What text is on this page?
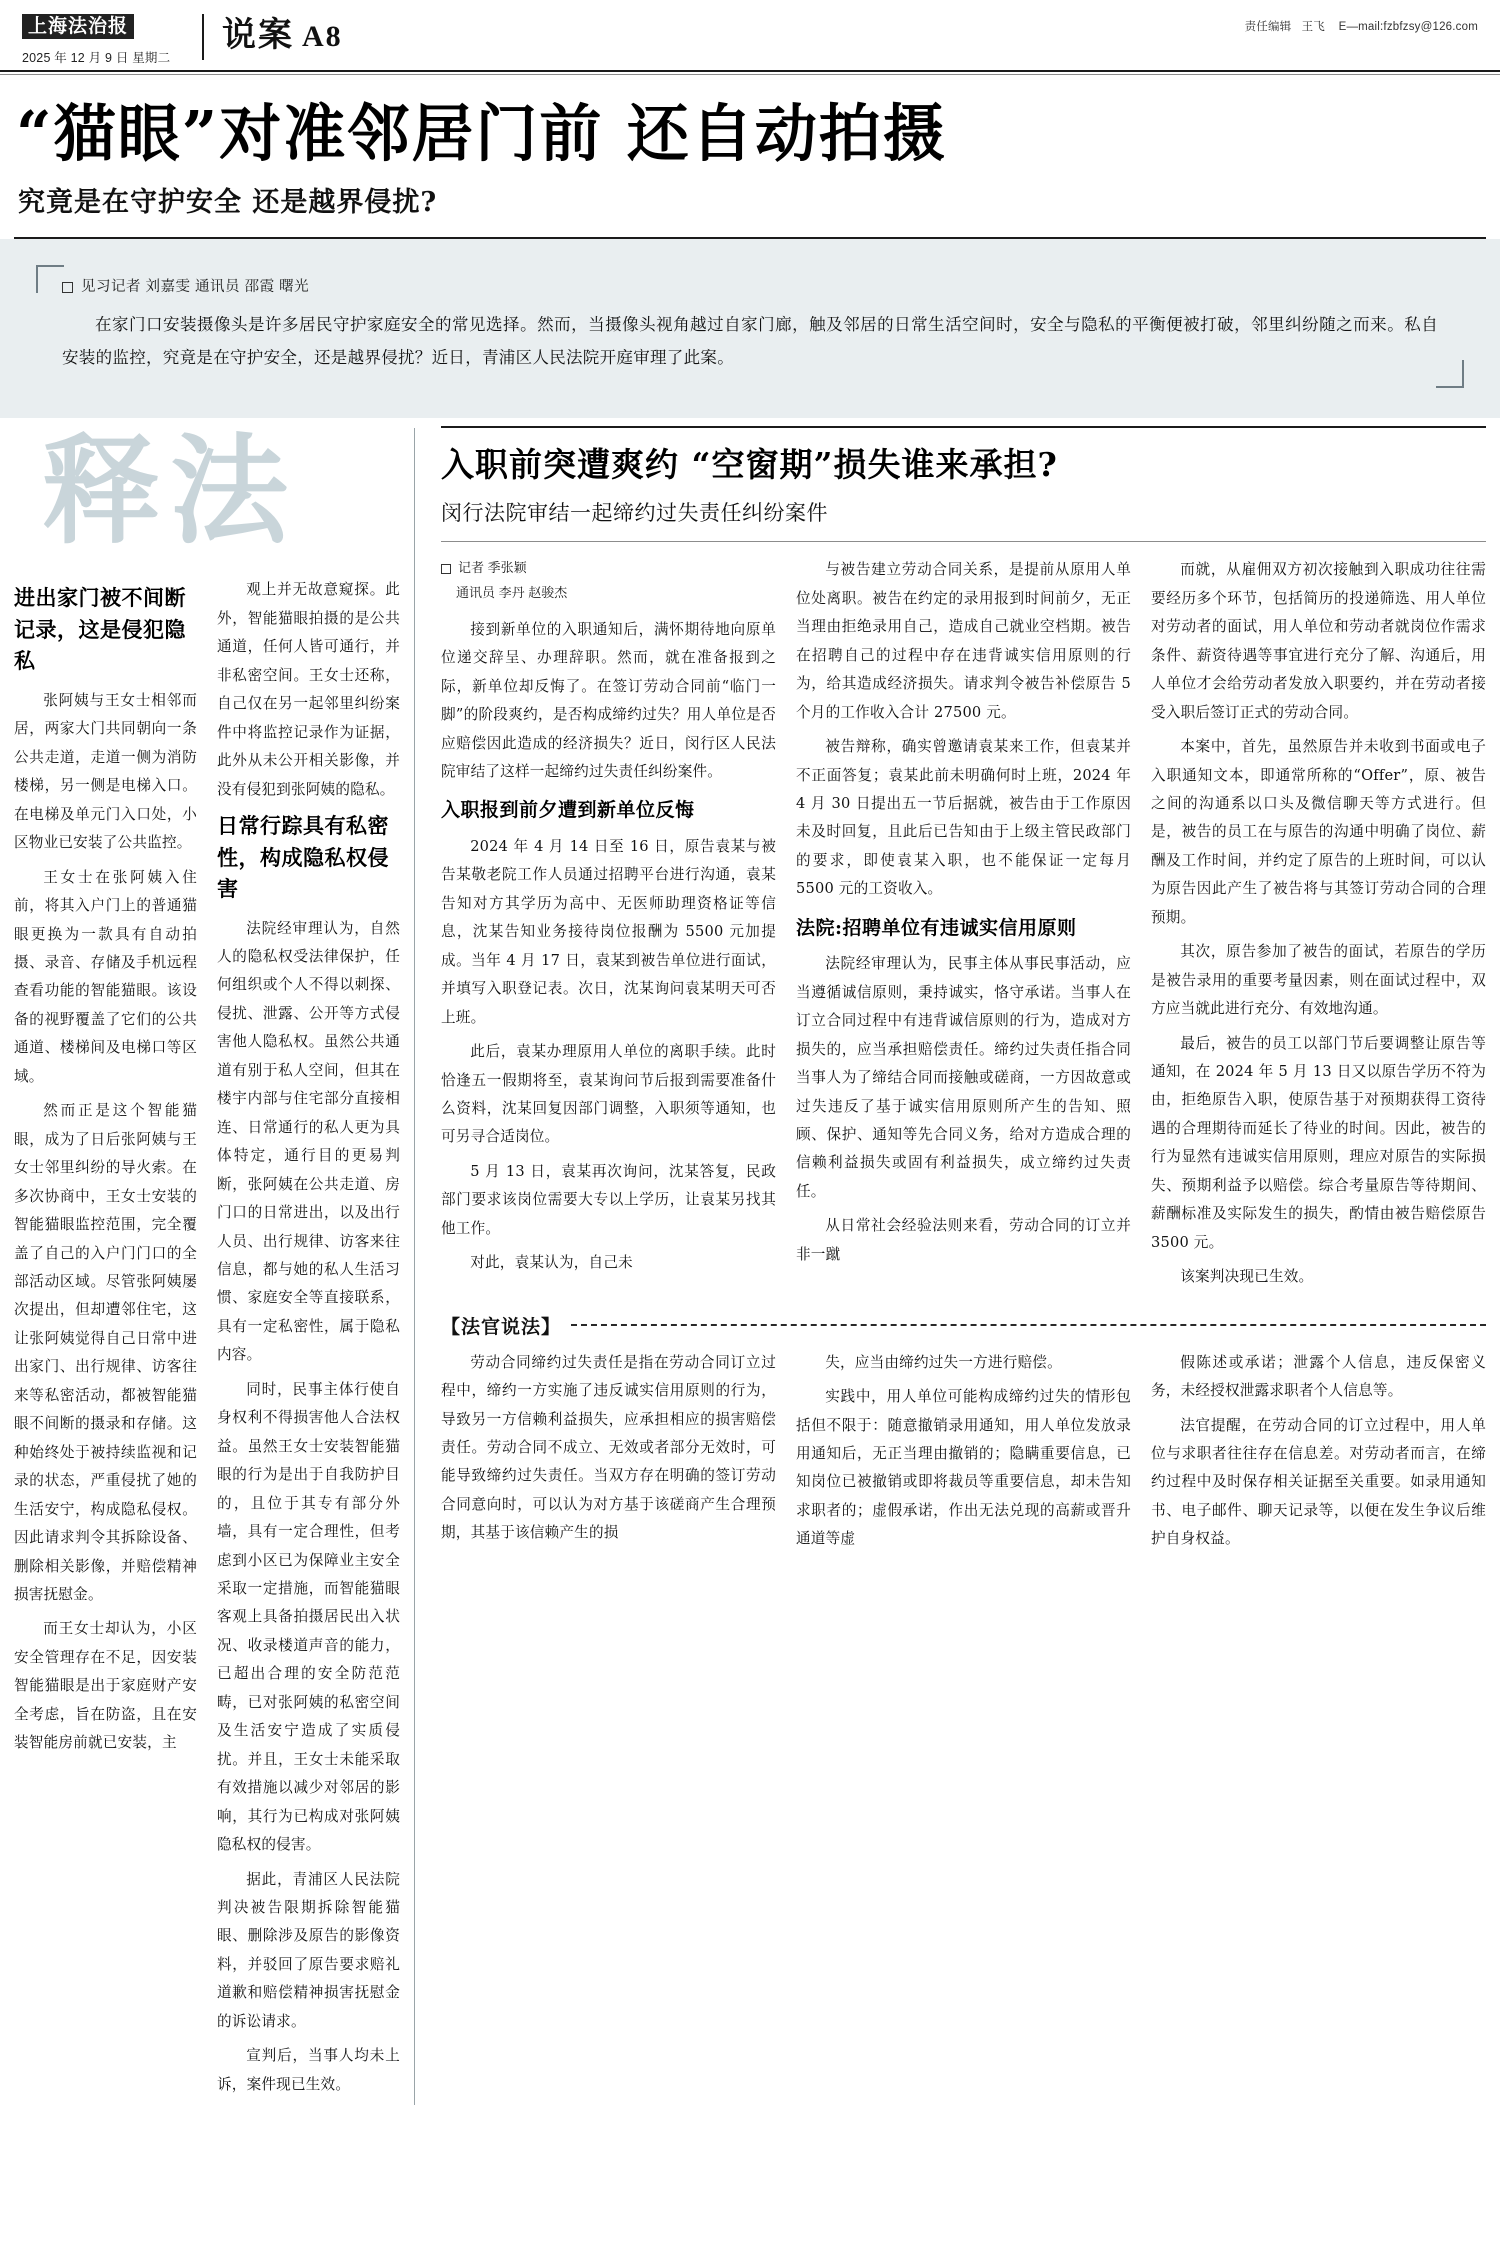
上海法治报
2025 年 12 月 9 日 星期二
说案 A8	责任编辑 王飞 E—mail:fzbfzsy@126.com
“猫眼”对准邻居门前 还自动拍摄
究竟是在守护安全 还是越界侵扰?
见习记者 刘嘉雯 通讯员 邵霞 曙光
在家门口安装摄像头是许多居民守护家庭安全的常见选择。然而，当摄像头视角越过自家门廊，触及邻居的日常生活空间时，安全与隐私的平衡便被打破，邻里纠纷随之而来。私自安装的监控，究竟是在守护安全，还是越界侵扰？近日，青浦区人民法院开庭审理了此案。
释法
进出家门被不间断记录，这是侵犯隐私

张阿姨与王女士相邻而居，两家大门共同朝向一条公共走道，走道一侧为消防楼梯，另一侧是电梯入口。在电梯及单元门入口处，小区物业已安装了公共监控。

王女士在张阿姨入住前，将其入户门上的普通猫眼更换为一款具有自动拍摄、录音、存储及手机远程查看功能的智能猫眼。该设备的视野覆盖了它们的公共通道、楼梯间及电梯口等区域。

然而正是这个智能猫眼，成为了日后张阿姨与王女士邻里纠纷的导火索。在多次协商中，王女士安装的智能猫眼监控范围，完全覆盖了自己的入户门门口的全部活动区域。尽管张阿姨屡次提出，但却遭邻住宅，这让张阿姨觉得自己日常中进出家门、出行规律、访客往来等私密活动，都被智能猫眼不间断的摄录和存储。这种始终处于被持续监视和记录的状态，严重侵扰了她的生活安宁，构成隐私侵权。因此请求判令其拆除设备、删除相关影像，并赔偿精神损害抚慰金。

而王女士却认为，小区安全管理存在不足，因安装智能猫眼是出于家庭财产安全考虑，旨在防盗，且在安装智能房前就已安装，主

观上并无故意窥探。此外，智能猫眼拍摄的是公共通道，任何人皆可通行，并非私密空间。王女士还称，自己仅在另一起邻里纠纷案件中将监控记录作为证据，此外从未公开相关影像，并没有侵犯到张阿姨的隐私。

日常行踪具有私密性，构成隐私权侵害

法院经审理认为，自然人的隐私权受法律保护，任何组织或个人不得以刺探、侵扰、泄露、公开等方式侵害他人隐私权。虽然公共通道有别于私人空间，但其在楼宇内部与住宅部分直接相连、日常通行的私人更为具体特定，通行目的更易判断，张阿姨在公共走道、房门口的日常进出，以及出行人员、出行规律、访客来往信息，都与她的私人生活习惯、家庭安全等直接联系，具有一定私密性，属于隐私内容。

同时，民事主体行使自身权利不得损害他人合法权益。虽然王女士安装智能猫眼的行为是出于自我防护目的，且位于其专有部分外墙，具有一定合理性，但考虑到小区已为保障业主安全采取一定措施，而智能猫眼客观上具备拍摄居民出入状况、收录楼道声音的能力，已超出合理的安全防范范畴，已对张阿姨的私密空间及生活安宁造成了实质侵扰。并且，王女士未能采取有效措施以减少对邻居的影响，其行为已构成对张阿姨隐私权的侵害。

据此，青浦区人民法院判决被告限期拆除智能猫眼、删除涉及原告的影像资料，并驳回了原告要求赔礼道歉和赔偿精神损害抚慰金的诉讼请求。

宣判后，当事人均未上诉，案件现已生效。

入职前突遭爽约 “空窗期”损失谁来承担?
闵行法院审结一起缔约过失责任纠纷案件
记者 季张颖
通讯员 李丹 赵骏杰

接到新单位的入职通知后，满怀期待地向原单位递交辞呈、办理辞职。然而，就在准备报到之际，新单位却反悔了。在签订劳动合同前“临门一脚”的阶段爽约，是否构成缔约过失？用人单位是否应赔偿因此造成的经济损失？近日，闵行区人民法院审结了这样一起缔约过失责任纠纷案件。

入职报到前夕遭到新单位反悔

2024 年 4 月 14 日至 16 日，原告袁某与被告某敬老院工作人员通过招聘平台进行沟通，袁某告知对方其学历为高中、无医师助理资格证等信息，沈某告知业务接待岗位报酬为 5500 元加提成。当年 4 月 17 日，袁某到被告单位进行面试，并填写入职登记表。次日，沈某询问袁某明天可否上班。

此后，袁某办理原用人单位的离职手续。此时恰逢五一假期将至，袁某询问节后报到需要准备什么资料，沈某回复因部门调整，入职须等通知，也可另寻合适岗位。

5 月 13 日，袁某再次询问，沈某答复，民政部门要求该岗位需要大专以上学历，让袁某另找其他工作。

对此，袁某认为，自己未

与被告建立劳动合同关系，是提前从原用人单位处离职。被告在约定的录用报到时间前夕，无正当理由拒绝录用自己，造成自己就业空档期。被告在招聘自己的过程中存在违背诚实信用原则的行为，给其造成经济损失。请求判令被告补偿原告 5 个月的工作收入合计 27500 元。

被告辩称，确实曾邀请袁某来工作，但袁某并不正面答复；袁某此前未明确何时上班，2024 年 4 月 30 日提出五一节后据就，被告由于工作原因未及时回复，且此后已告知由于上级主管民政部门的要求，即使袁某入职，也不能保证一定每月 5500 元的工资收入。

法院:招聘单位有违诚实信用原则

法院经审理认为，民事主体从事民事活动，应当遵循诚信原则，秉持诚实，恪守承诺。当事人在订立合同过程中有违背诚信原则的行为，造成对方损失的，应当承担赔偿责任。缔约过失责任指合同当事人为了缔结合同而接触或磋商，一方因故意或过失违反了基于诚实信用原则所产生的告知、照顾、保护、通知等先合同义务，给对方造成合理的信赖利益损失或固有利益损失，成立缔约过失责任。

从日常社会经验法则来看，劳动合同的订立并非一蹴

而就，从雇佣双方初次接触到入职成功往往需要经历多个环节，包括简历的投递筛选、用人单位对劳动者的面试，用人单位和劳动者就岗位作需求条件、薪资待遇等事宜进行充分了解、沟通后，用人单位才会给劳动者发放入职要约，并在劳动者接受入职后签订正式的劳动合同。

本案中，首先，虽然原告并未收到书面或电子入职通知文本，即通常所称的“Offer”，原、被告之间的沟通系以口头及微信聊天等方式进行。但是，被告的员工在与原告的沟通中明确了岗位、薪酬及工作时间，并约定了原告的上班时间，可以认为原告因此产生了被告将与其签订劳动合同的合理预期。

其次，原告参加了被告的面试，若原告的学历是被告录用的重要考量因素，则在面试过程中，双方应当就此进行充分、有效地沟通。

最后，被告的员工以部门节后要调整让原告等通知，在 2024 年 5 月 13 日又以原告学历不符为由，拒绝原告入职，使原告基于对预期获得工资待遇的合理期待而延长了待业的时间。因此，被告的行为显然有违诚实信用原则，理应对原告的实际损失、预期利益予以赔偿。综合考量原告等待期间、薪酬标准及实际发生的损失，酌情由被告赔偿原告 3500 元。

该案判决现已生效。

【法官说法】

劳动合同缔约过失责任是指在劳动合同订立过程中，缔约一方实施了违反诚实信用原则的行为，导致另一方信赖利益损失，应承担相应的损害赔偿责任。劳动合同不成立、无效或者部分无效时，可能导致缔约过失责任。当双方存在明确的签订劳动合同意向时，可以认为对方基于该磋商产生合理预期，其基于该信赖产生的损

失，应当由缔约过失一方进行赔偿。

实践中，用人单位可能构成缔约过失的情形包括但不限于：随意撤销录用通知，用人单位发放录用通知后，无正当理由撤销的；隐瞒重要信息，已知岗位已被撤销或即将裁员等重要信息，却未告知求职者的；虚假承诺，作出无法兑现的高薪或晋升通道等虚

假陈述或承诺；泄露个人信息，违反保密义务，未经授权泄露求职者个人信息等。

法官提醒，在劳动合同的订立过程中，用人单位与求职者往往存在信息差。对劳动者而言，在缔约过程中及时保存相关证据至关重要。如录用通知书、电子邮件、聊天记录等，以便在发生争议后维护自身权益。
